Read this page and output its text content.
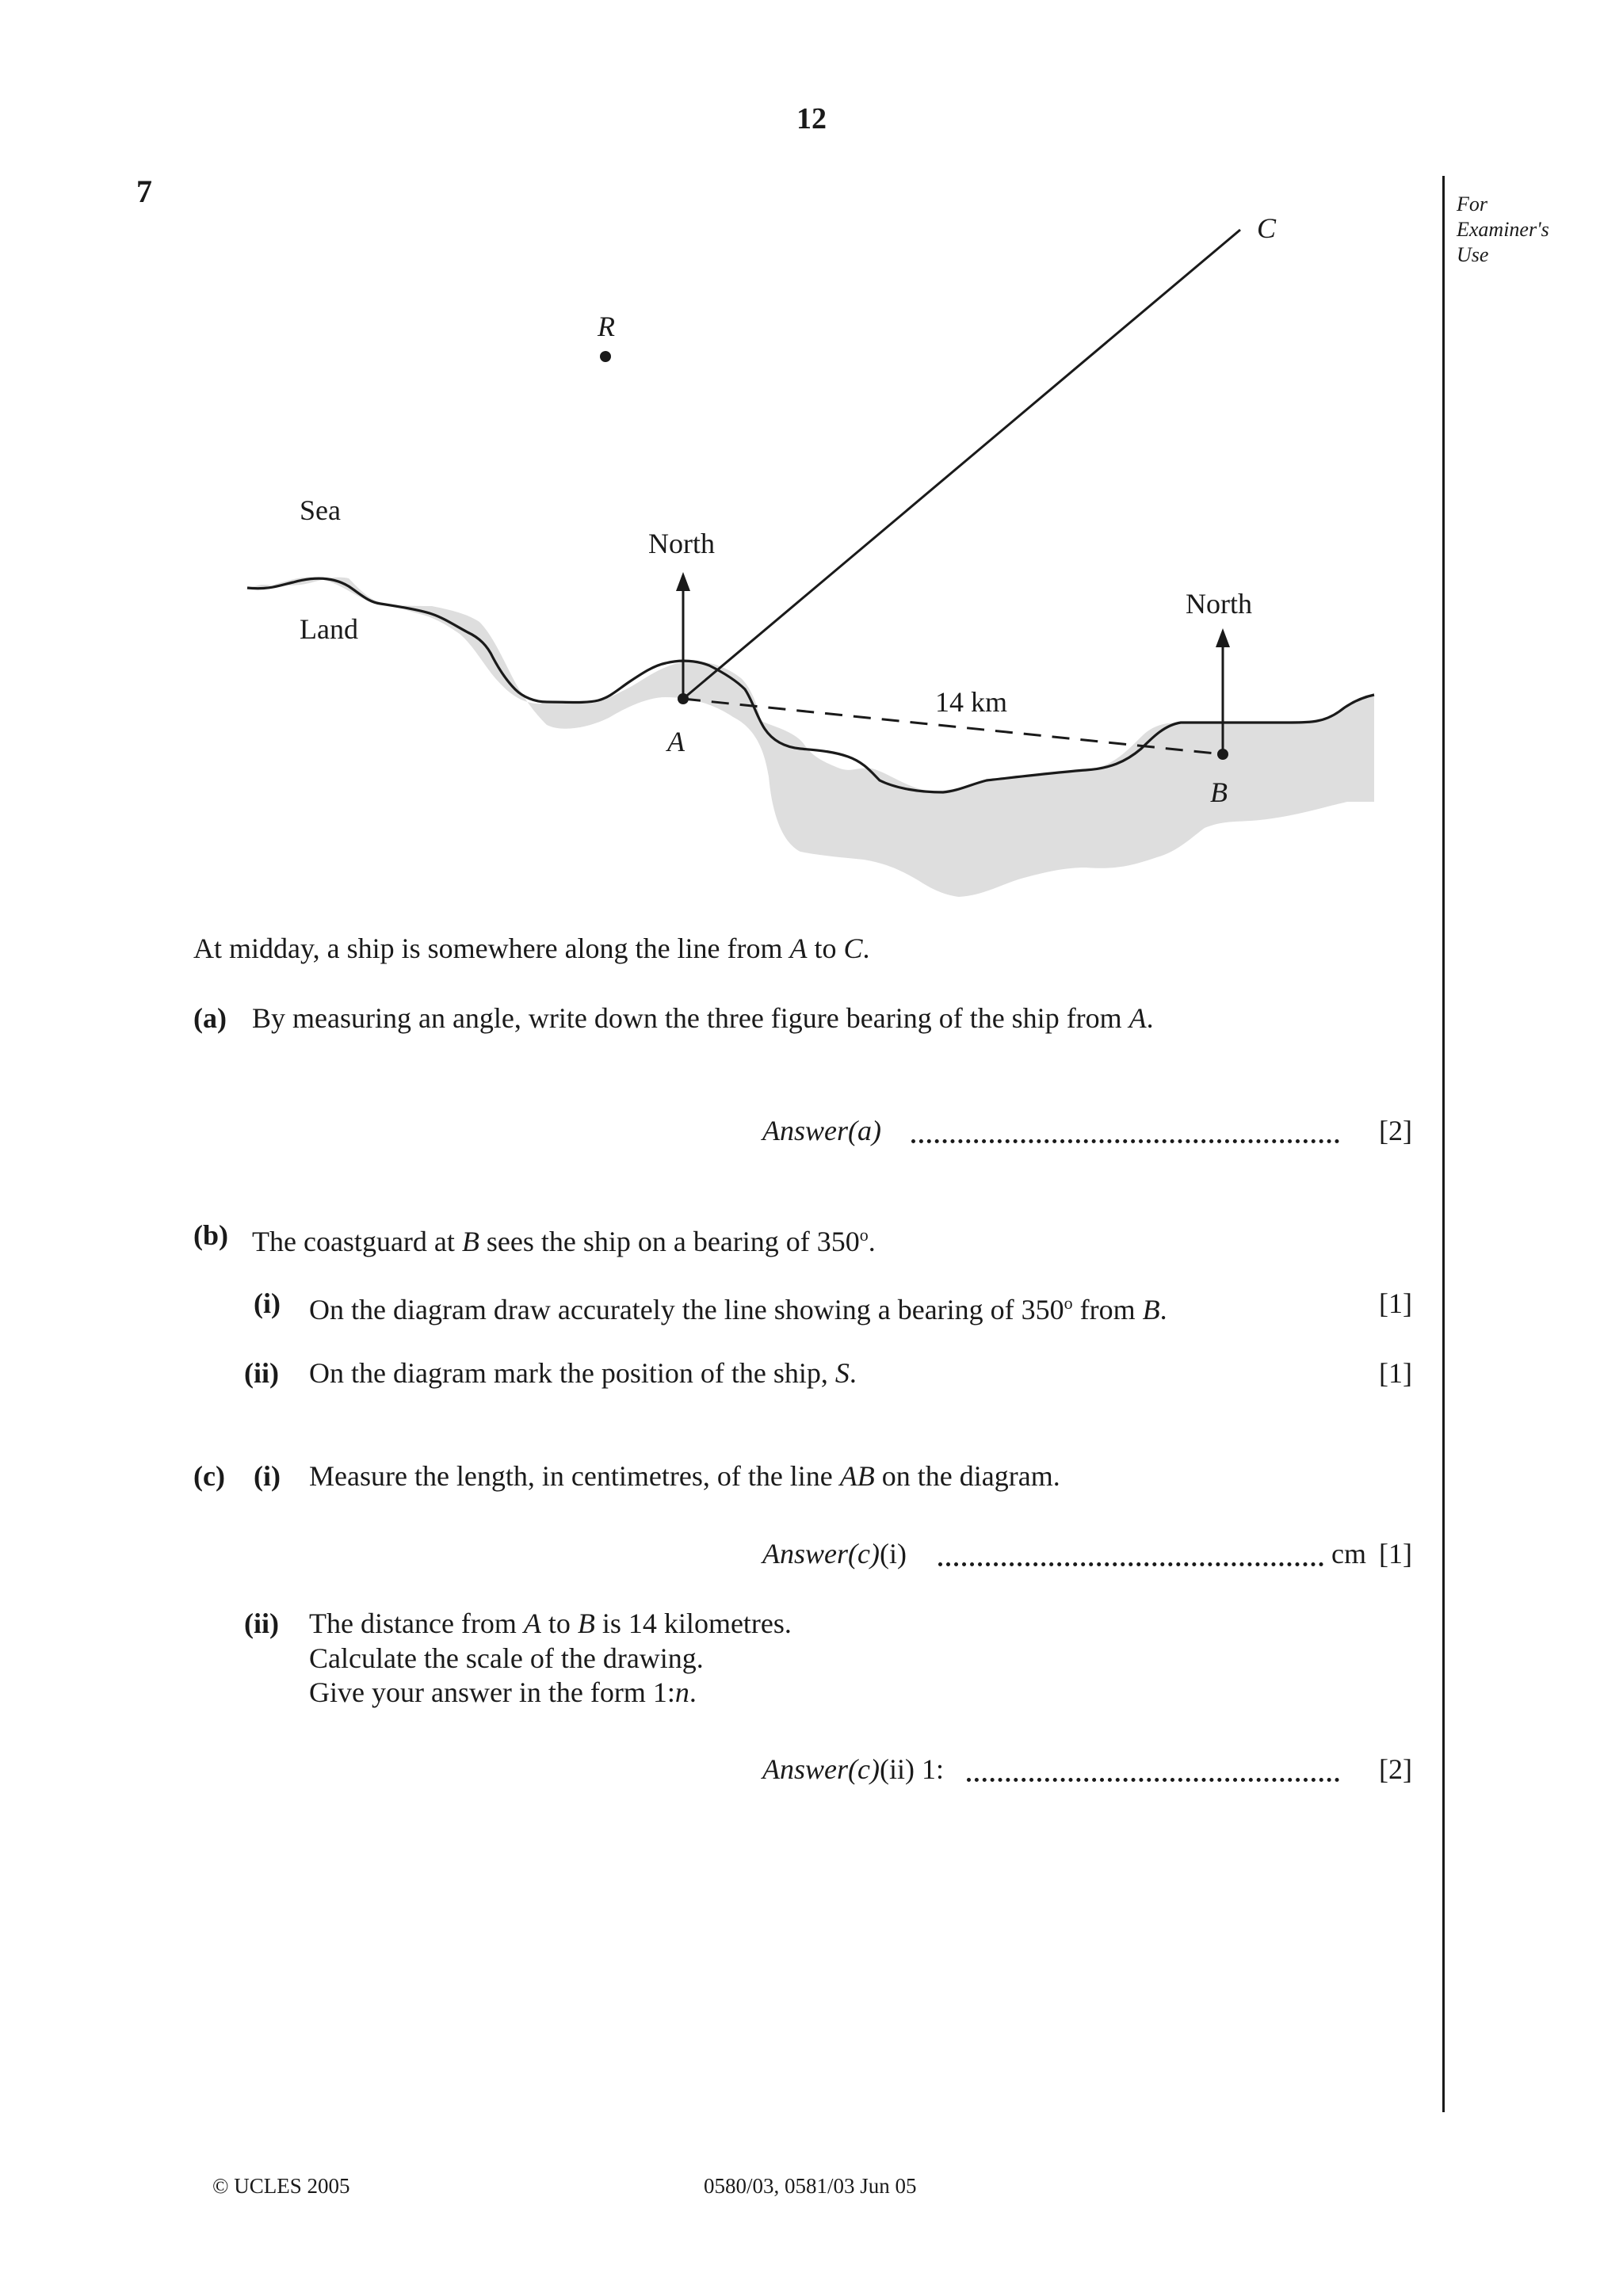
12
7	For
Examiner's
Use
C
R
Sea
Land
North
North
A
B
14 km
At midday, a ship is somewhere along the line from A to C.
(a) By measuring an angle, write down the three figure bearing of the ship from A.
Answer(a)	[2]
(b) The coastguard at B sees the ship on a bearing of 350$^o$.
(i) On the diagram draw accurately the line showing a bearing of 350$^o$ from B.	[1]
(ii) On the diagram mark the position of the ship, S.	[1]
(c) (i) Measure the length, in centimetres, of the line AB on the diagram.
Answer(c)(i)	cm [1]
(ii) The distance from A to B is 14 kilometres.
Calculate the scale of the drawing.
Give your answer in the form 1:n.
Answer(c)(ii) 1:	[2]
© UCLES 2005	0580/03, 0581/03 Jun 05
